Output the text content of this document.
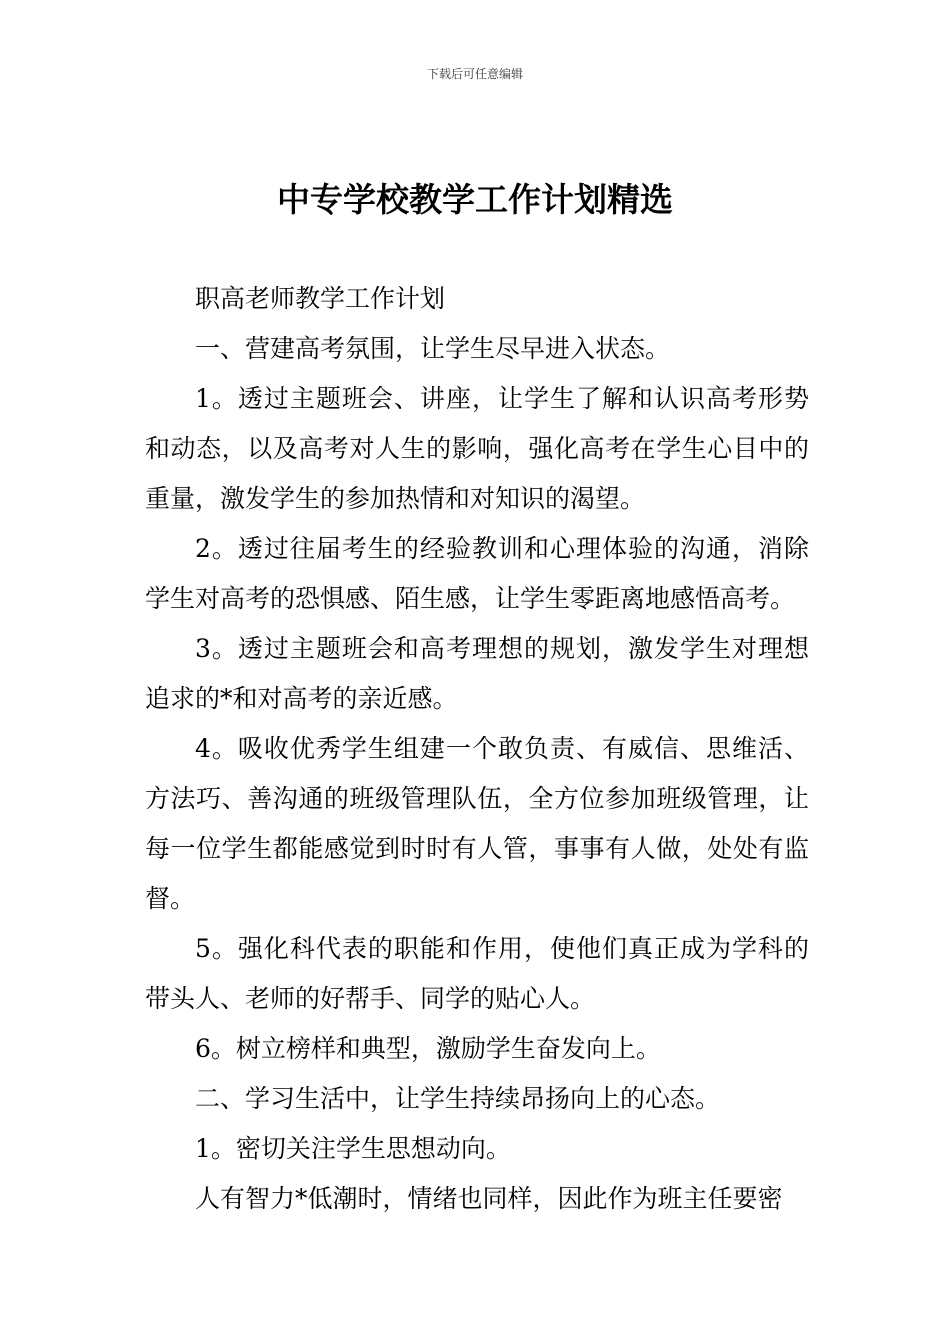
下载后可任意编辑
中专学校教学工作计划精选

职高老师教学工作计划

一、营建高考氛围，让学生尽早进入状态。

1。透过主题班会、讲座，让学生了解和认识高考形势和动态，以及高考对人生的影响，强化高考在学生心目中的重量，激发学生的参加热情和对知识的渴望。

2。透过往届考生的经验教训和心理体验的沟通，消除学生对高考的恐惧感、陌生感，让学生零距离地感悟高考。

3。透过主题班会和高考理想的规划，激发学生对理想追求的*和对高考的亲近感。

4。吸收优秀学生组建一个敢负责、有威信、思维活、方法巧、善沟通的班级管理队伍，全方位参加班级管理，让每一位学生都能感觉到时时有人管，事事有人做，处处有监督。

5。强化科代表的职能和作用，使他们真正成为学科的带头人、老师的好帮手、同学的贴心人。

6。树立榜样和典型，激励学生奋发向上。

二、学习生活中，让学生持续昂扬向上的心态。

1。密切关注学生思想动向。

人有智力*低潮时，情绪也同样，因此作为班主任要密
